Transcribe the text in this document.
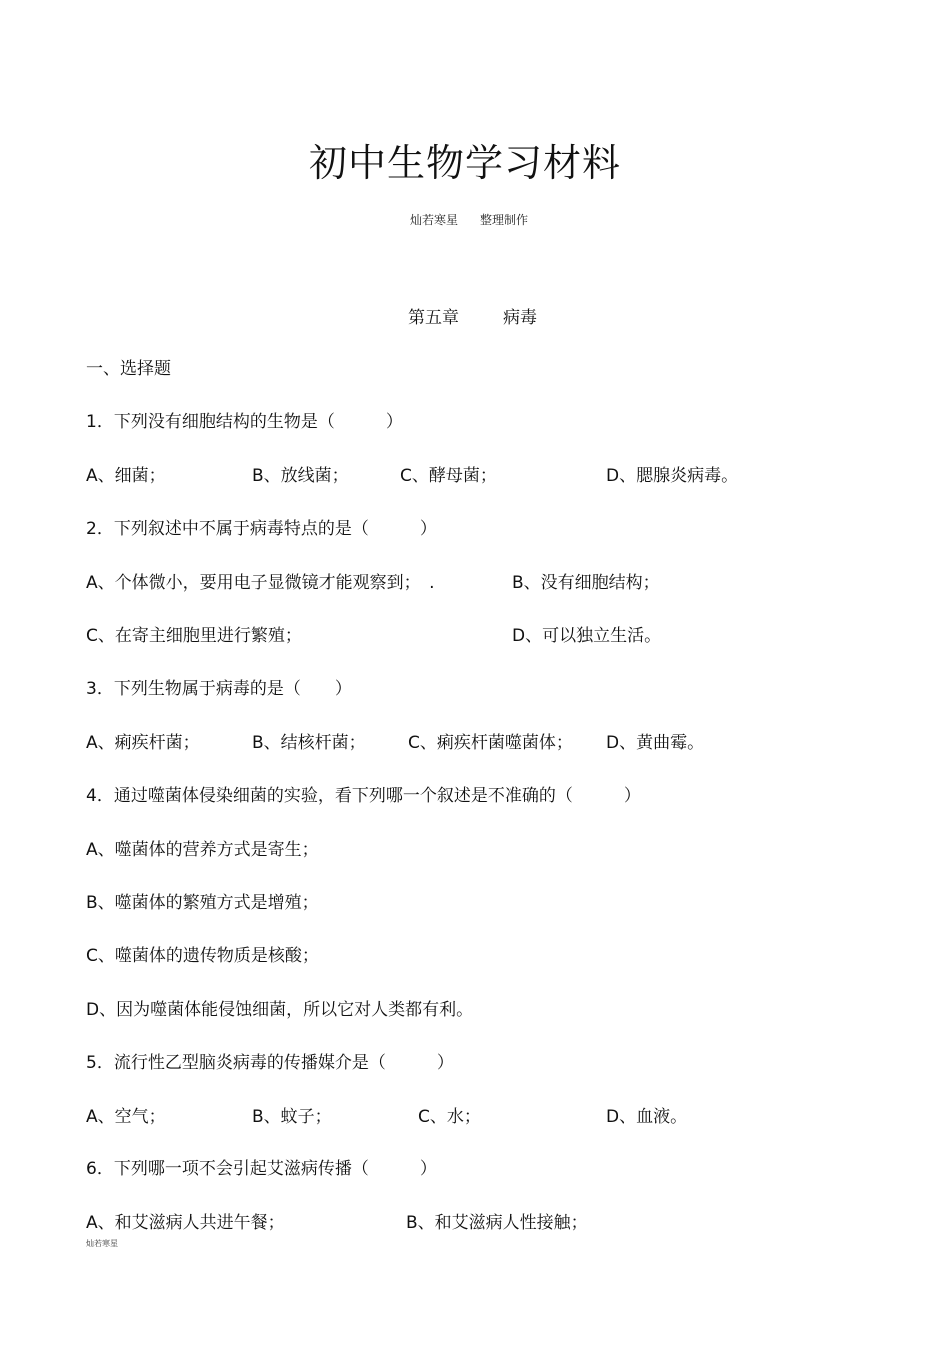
初中生物学习材料
灿若寒星 整理制作
第五章	病毒
一、选择题
1．下列没有细胞结构的生物是（　　　）
A、细菌；	B、放线菌；	C、酵母菌；	D、腮腺炎病毒。
2．下列叙述中不属于病毒特点的是（　　　）
A、个体微小，要用电子显微镜才能观察到；　.	B、没有细胞结构；
C、在寄主细胞里进行繁殖；	D、可以独立生活。
3．下列生物属于病毒的是（　　）
A、痢疾杆菌；	B、结核杆菌； C、痢疾杆菌噬菌体； D、黄曲霉。
4．通过噬菌体侵染细菌的实验，看下列哪一个叙述是不准确的（　　　）
A、噬菌体的营养方式是寄生；
B、噬菌体的繁殖方式是增殖；
C、噬菌体的遗传物质是核酸；
D、因为噬菌体能侵蚀细菌，所以它对人类都有利。
5．流行性乙型脑炎病毒的传播媒介是（　　　）
A、空气；	B、蚊子；	C、水；	D、血液。
6．下列哪一项不会引起艾滋病传播（　　　）
A、和艾滋病人共进午餐；	B、和艾滋病人性接触；
灿若寒星
